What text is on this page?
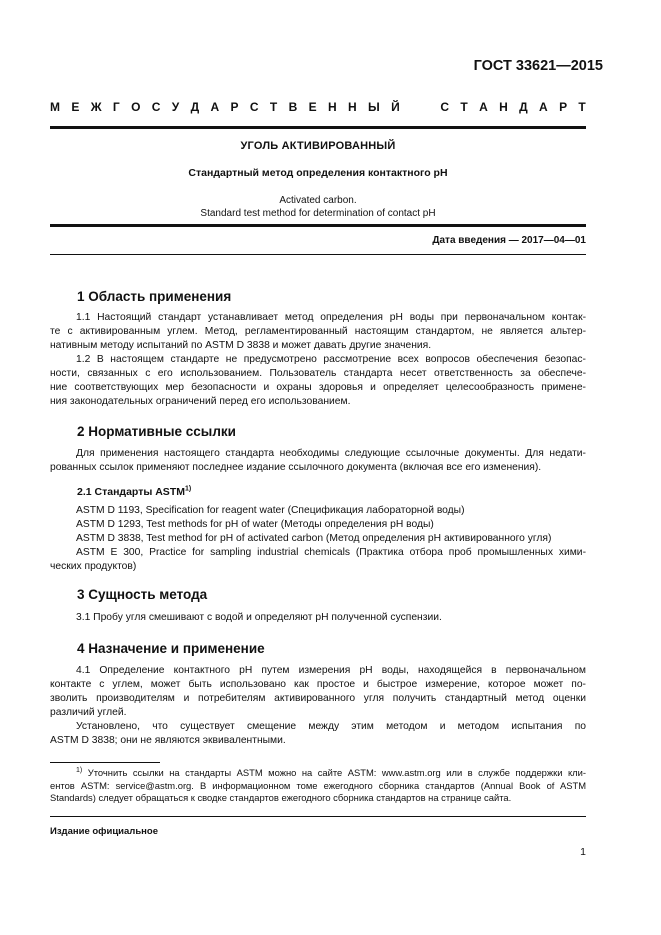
ГОСТ 33621—2015
М Е Ж Г О С У Д А Р С Т В Е Н Н Ы Й

	С Т А Н Д А Р Т
УГОЛЬ АКТИВИРОВАННЫЙ
Стандартный метод определения контактного pH
Activated carbon.
Standard test method for determination of contact pH
Дата введения — 2017—04—01
1 Область применения
1.1 Настоящий стандарт устанавливает метод определения pH воды при первоначальном контак-
те с активированным углем. Метод, регламентированный настоящим стандартом, не является альтер-
нативным методу испытаний по ASTM D 3838 и может давать другие значения.
1.2 В настоящем стандарте не предусмотрено рассмотрение всех вопросов обеспечения безопас-
ности, связанных с его использованием. Пользователь стандарта несет ответственность за обеспече-
ние соответствующих мер безопасности и охраны здоровья и определяет целесообразность примене-
ния законодательных ограничений перед его использованием.
2 Нормативные ссылки
Для применения настоящего стандарта необходимы следующие ссылочные документы. Для недати-
рованных ссылок применяют последнее издание ссылочного документа (включая все его изменения).
2.1 Стандарты ASTM$^{1)}$
ASTM D 1193, Specification for reagent water (Спецификация лабораторной воды)
ASTM D 1293, Test methods for pH of water (Методы определения pH воды)
ASTM D 3838, Test method for pH of activated carbon (Метод определения pH активированного угля)
ASTM E 300, Practice for sampling industrial chemicals (Практика отбора проб промышленных хими-
ческих продуктов)
3 Сущность метода
3.1 Пробу угля смешивают с водой и определяют pH полученной суспензии.
4 Назначение и применение
4.1 Определение контактного pH путем измерения pH воды, находящейся в первоначальном
контакте с углем, может быть использовано как простое и быстрое измерение, которое может по-
зволить производителям и потребителям активированного угля получить стандартный метод оценки
различий углей.
Установлено, что существует смещение между этим методом и методом испытания по
ASTM D 3838; они не являются эквивалентными.
$^{1)}$ Уточнить ссылки на стандарты ASTM можно на сайте ASTM: www.astm.org или в службе поддержки кли-
ентов ASTM: service@astm.org. В информационном томе ежегодного сборника стандартов (Annual Book of ASTM
Standards) следует обращаться к сводке стандартов ежегодного сборника стандартов на странице сайта.
Издание официальное
1
